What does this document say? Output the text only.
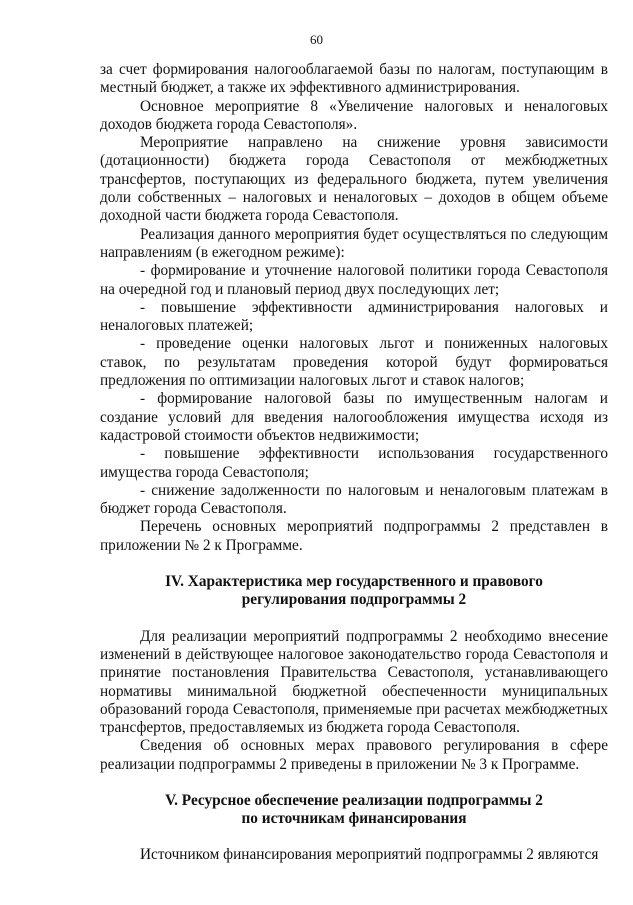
60

за счет формирования налогооблагаемой базы по налогам, поступающим в местный бюджет, а также их эффективного администрирования.

Основное мероприятие 8 «Увеличение налоговых и неналоговых доходов бюджета города Севастополя».

Мероприятие направлено на снижение уровня зависимости (дотационности) бюджета города Севастополя от межбюджетных трансфертов, поступающих из федерального бюджета, путем увеличения доли собственных – налоговых и неналоговых – доходов в общем объеме доходной части бюджета города Севастополя.

Реализация данного мероприятия будет осуществляться по следующим направлениям (в ежегодном режиме):

- формирование и уточнение налоговой политики города Севастополя на очередной год и плановый период двух последующих лет;

- повышение эффективности администрирования налоговых и неналоговых платежей;

- проведение оценки налоговых льгот и пониженных налоговых ставок, по результатам проведения которой будут формироваться предложения по оптимизации налоговых льгот и ставок налогов;

- формирование налоговой базы по имущественным налогам и создание условий для введения налогообложения имущества исходя из кадастровой стоимости объектов недвижимости;

- повышение эффективности использования государственного имущества города Севастополя;

- снижение задолженности по налоговым и неналоговым платежам в бюджет города Севастополя.

Перечень основных мероприятий подпрограммы 2 представлен в приложении № 2 к Программе.

IV. Характеристика мер государственного и правового
регулирования подпрограммы 2

Для реализации мероприятий подпрограммы 2 необходимо внесение изменений в действующее налоговое законодательство города Севастополя и принятие постановления Правительства Севастополя, устанавливающего нормативы минимальной бюджетной обеспеченности муниципальных образований города Севастополя, применяемые при расчетах межбюджетных трансфертов, предоставляемых из бюджета города Севастополя.

Сведения об основных мерах правового регулирования в сфере реализации подпрограммы 2 приведены в приложении № 3 к Программе.

V. Ресурсное обеспечение реализации подпрограммы 2
по источникам финансирования

Источником финансирования мероприятий подпрограммы 2 являются
